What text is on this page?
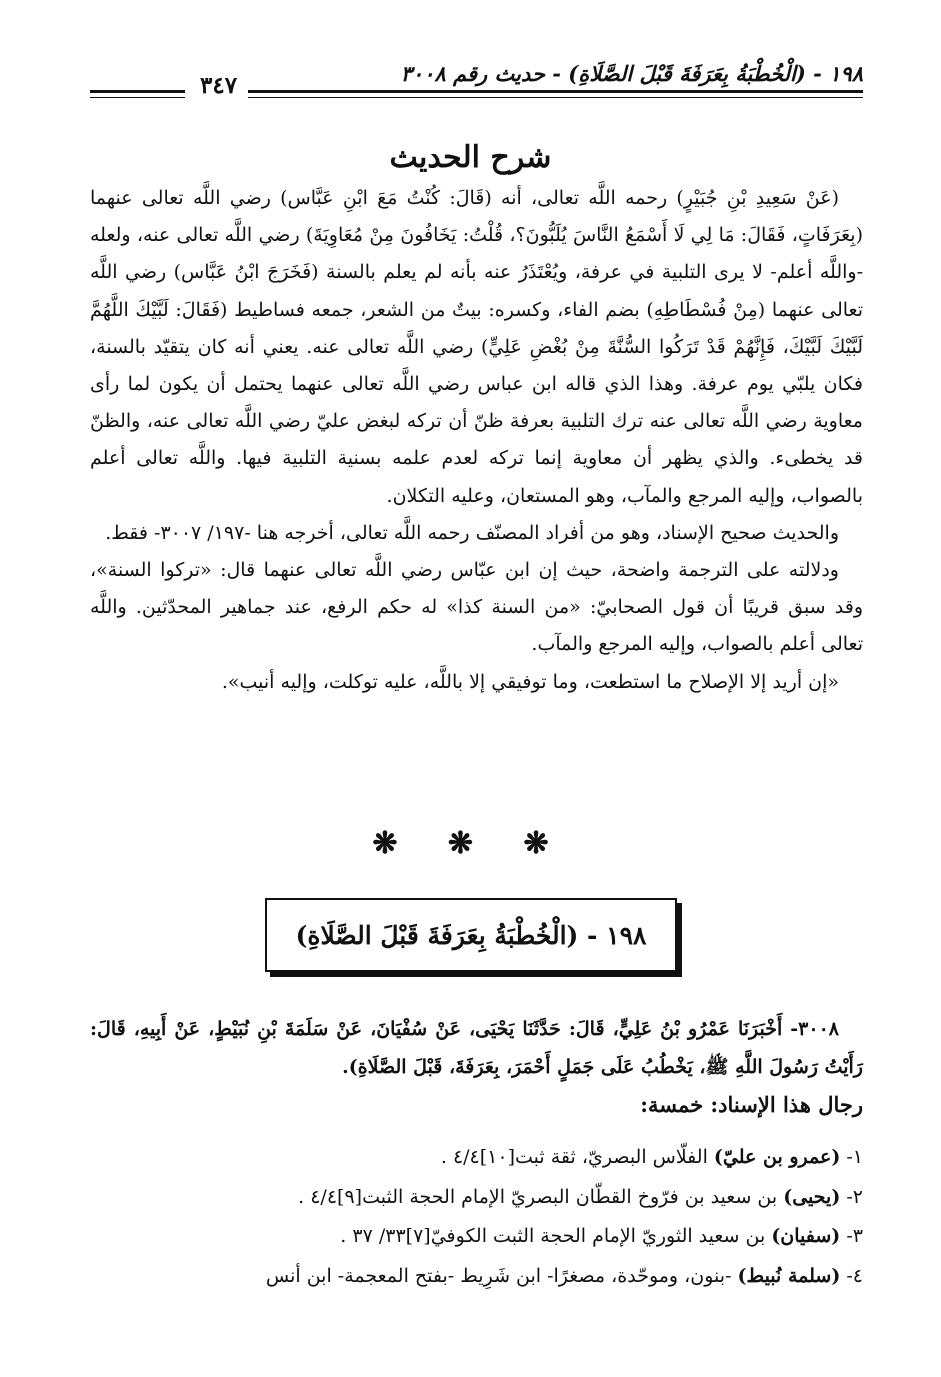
١٩٨ - (الْخُطْبَةُ بِعَرَفَةَ قَبْلَ الصَّلَاةِ) - حديث رقم ٣٠٠٨
٣٤٧
شرح الحديث

(عَنْ سَعِيدِ بْنِ جُبَيْرٍ) رحمه اللَّه تعالى، أنه (قَالَ: كُنْتُ مَعَ ابْنِ عَبَّاس) رضي اللَّه تعالى عنهما (بِعَرَفَاتٍ، فَقَالَ: مَا لِي لَا أَسْمَعُ النَّاسَ يُلَبُّونَ؟، قُلْتُ: يَخَافُونَ مِنْ مُعَاوِيَةَ) رضي اللَّه تعالى عنه، ولعله -واللَّه أعلم- لا يرى التلبية في عرفة، ويُعْتَذَرُ عنه بأنه لم يعلم بالسنة (فَخَرَجَ ابْنُ عَبَّاس) رضي اللَّه تعالى عنهما (مِنْ فُسْطَاطِهِ) بضم الفاء، وكسره: بيتٌ من الشعر، جمعه فساطيط (فَقَالَ: لَبَّيْكَ اللَّهُمَّ لَبَّيْكَ لَبَّيْكَ، فَإِنَّهُمْ قَدْ تَرَكُوا السُّنَّةَ مِنْ بُغْضِ عَلِيٍّ) رضي اللَّه تعالى عنه. يعني أنه كان يتقيّد بالسنة، فكان يلبّي يوم عرفة. وهذا الذي قاله ابن عباس رضي اللَّه تعالى عنهما يحتمل أن يكون لما رأى معاوية رضي اللَّه تعالى عنه ترك التلبية بعرفة ظنّ أن تركه لبغض عليّ رضي اللَّه تعالى عنه، والظنّ قد يخطىء. والذي يظهر أن معاوية إنما تركه لعدم علمه بسنية التلبية فيها. واللَّه تعالى أعلم بالصواب، وإليه المرجع والمآب، وهو المستعان، وعليه التكلان.

والحديث صحيح الإسناد، وهو من أفراد المصنّف رحمه اللَّه تعالى، أخرجه هنا -١٩٧/ ٣٠٠٧- فقط.

ودلالته على الترجمة واضحة، حيث إن ابن عبّاس رضي اللَّه تعالى عنهما قال: «تركوا السنة»، وقد سبق قريبًا أن قول الصحابيّ: «من السنة كذا» له حكم الرفع، عند جماهير المحدّثين. واللَّه تعالى أعلم بالصواب، وإليه المرجع والمآب.

«إن أريد إلا الإصلاح ما استطعت، وما توفيقي إلا باللَّه، عليه توكلت، وإليه أنيب».

❋ ❋ ❋
١٩٨ - (الْخُطْبَةُ بِعَرَفَةَ قَبْلَ الصَّلَاةِ)

٣٠٠٨- أَخْبَرَنَا عَمْرُو بْنُ عَلِيٍّ، قَالَ: حَدَّثَنَا يَحْيَى، عَنْ سُفْيَانَ، عَنْ سَلَمَةَ بْنِ نُبَيْطٍ، عَنْ أَبِيهِ، قَالَ: رَأَيْتُ رَسُولَ اللَّهِ ﷺ، يَخْطُبُ عَلَى جَمَلٍ أَحْمَرَ، بِعَرَفَةَ، قَبْلَ الصَّلَاةِ).

رجال هذا الإسناد: خمسة:
١- (عمرو بن عليّ) الفلّاس البصريّ، ثقة ثبت[١٠]٤/٤ .
٢- (يحيى) بن سعيد بن فرّوخ القطّان البصريّ الإمام الحجة الثبت[٩]٤/٤ .
٣- (سفيان) بن سعيد الثوريّ الإمام الحجة الثبت الكوفيّ[٧]٣٣/ ٣٧ .
٤- (سلمة نُبيط) -بنون، وموحّدة، مصغرًا- ابن شَرِيط -بفتح المعجمة- ابن أنس
